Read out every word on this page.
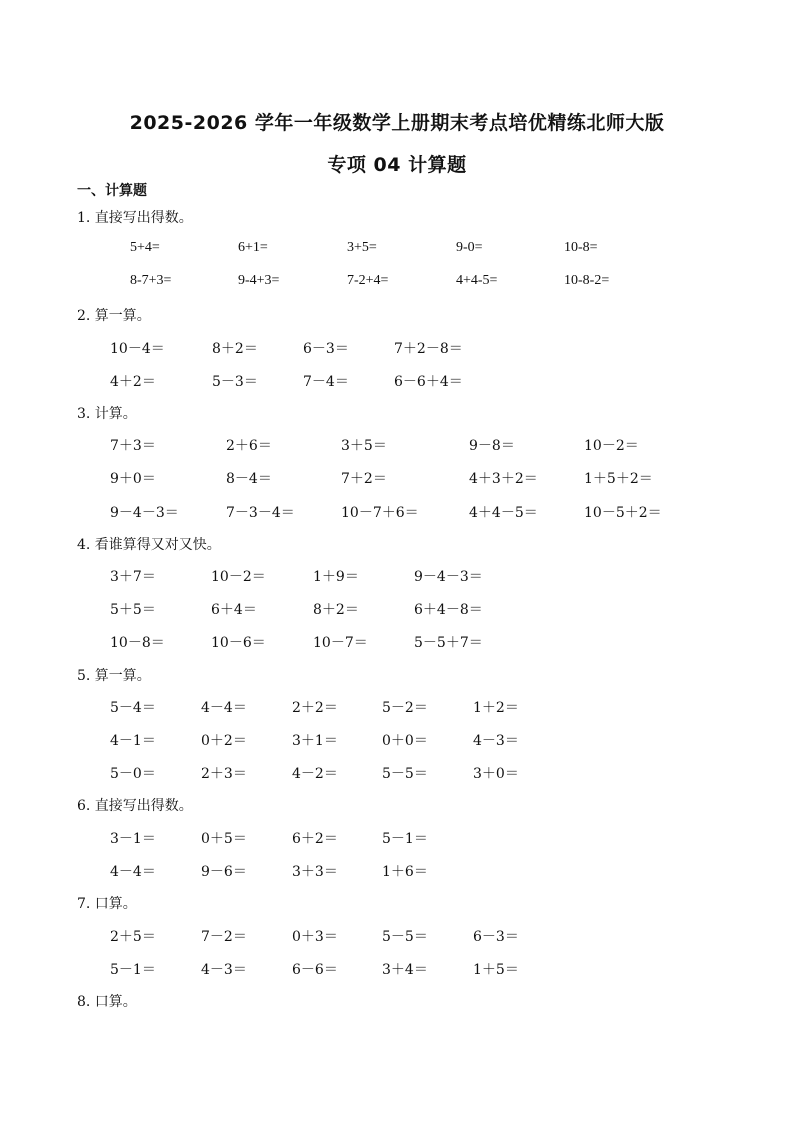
2025-2026 学年一年级数学上册期末考点培优精练北师大版
专项 04 计算题
一、计算题
1. 直接写出得数。
5+4=	6+1=	3+5=	9-0=	10-8=
8-7+3=	9-4+3=	7-2+4=	4+4-5=	10-8-2=
2. 算一算。
10－4＝	8＋2＝	6－3＝	7＋2－8＝
4＋2＝	5－3＝	7－4＝	6－6＋4＝
3. 计算。
7＋3＝	2＋6＝	3＋5＝	9－8＝	10－2＝
9＋0＝	8－4＝	7＋2＝	4＋3＋2＝	1＋5＋2＝
9－4－3＝	7－3－4＝	10－7＋6＝	4＋4－5＝	10－5＋2＝
4. 看谁算得又对又快。
3＋7＝	10－2＝	1＋9＝	9－4－3＝
5＋5＝	6＋4＝	8＋2＝	6＋4－8＝
10－8＝	10－6＝	10－7＝	5－5＋7＝
5. 算一算。
5－4＝	4－4＝	2＋2＝	5－2＝	1＋2＝
4－1＝	0＋2＝	3＋1＝	0＋0＝	4－3＝
5－0＝	2＋3＝	4－2＝	5－5＝	3＋0＝
6. 直接写出得数。
3－1＝	0＋5＝	6＋2＝	5－1＝
4－4＝	9－6＝	3＋3＝	1＋6＝
7. 口算。
2＋5＝	7－2＝	0＋3＝	5－5＝	6－3＝
5－1＝	4－3＝	6－6＝	3＋4＝	1＋5＝
8. 口算。
